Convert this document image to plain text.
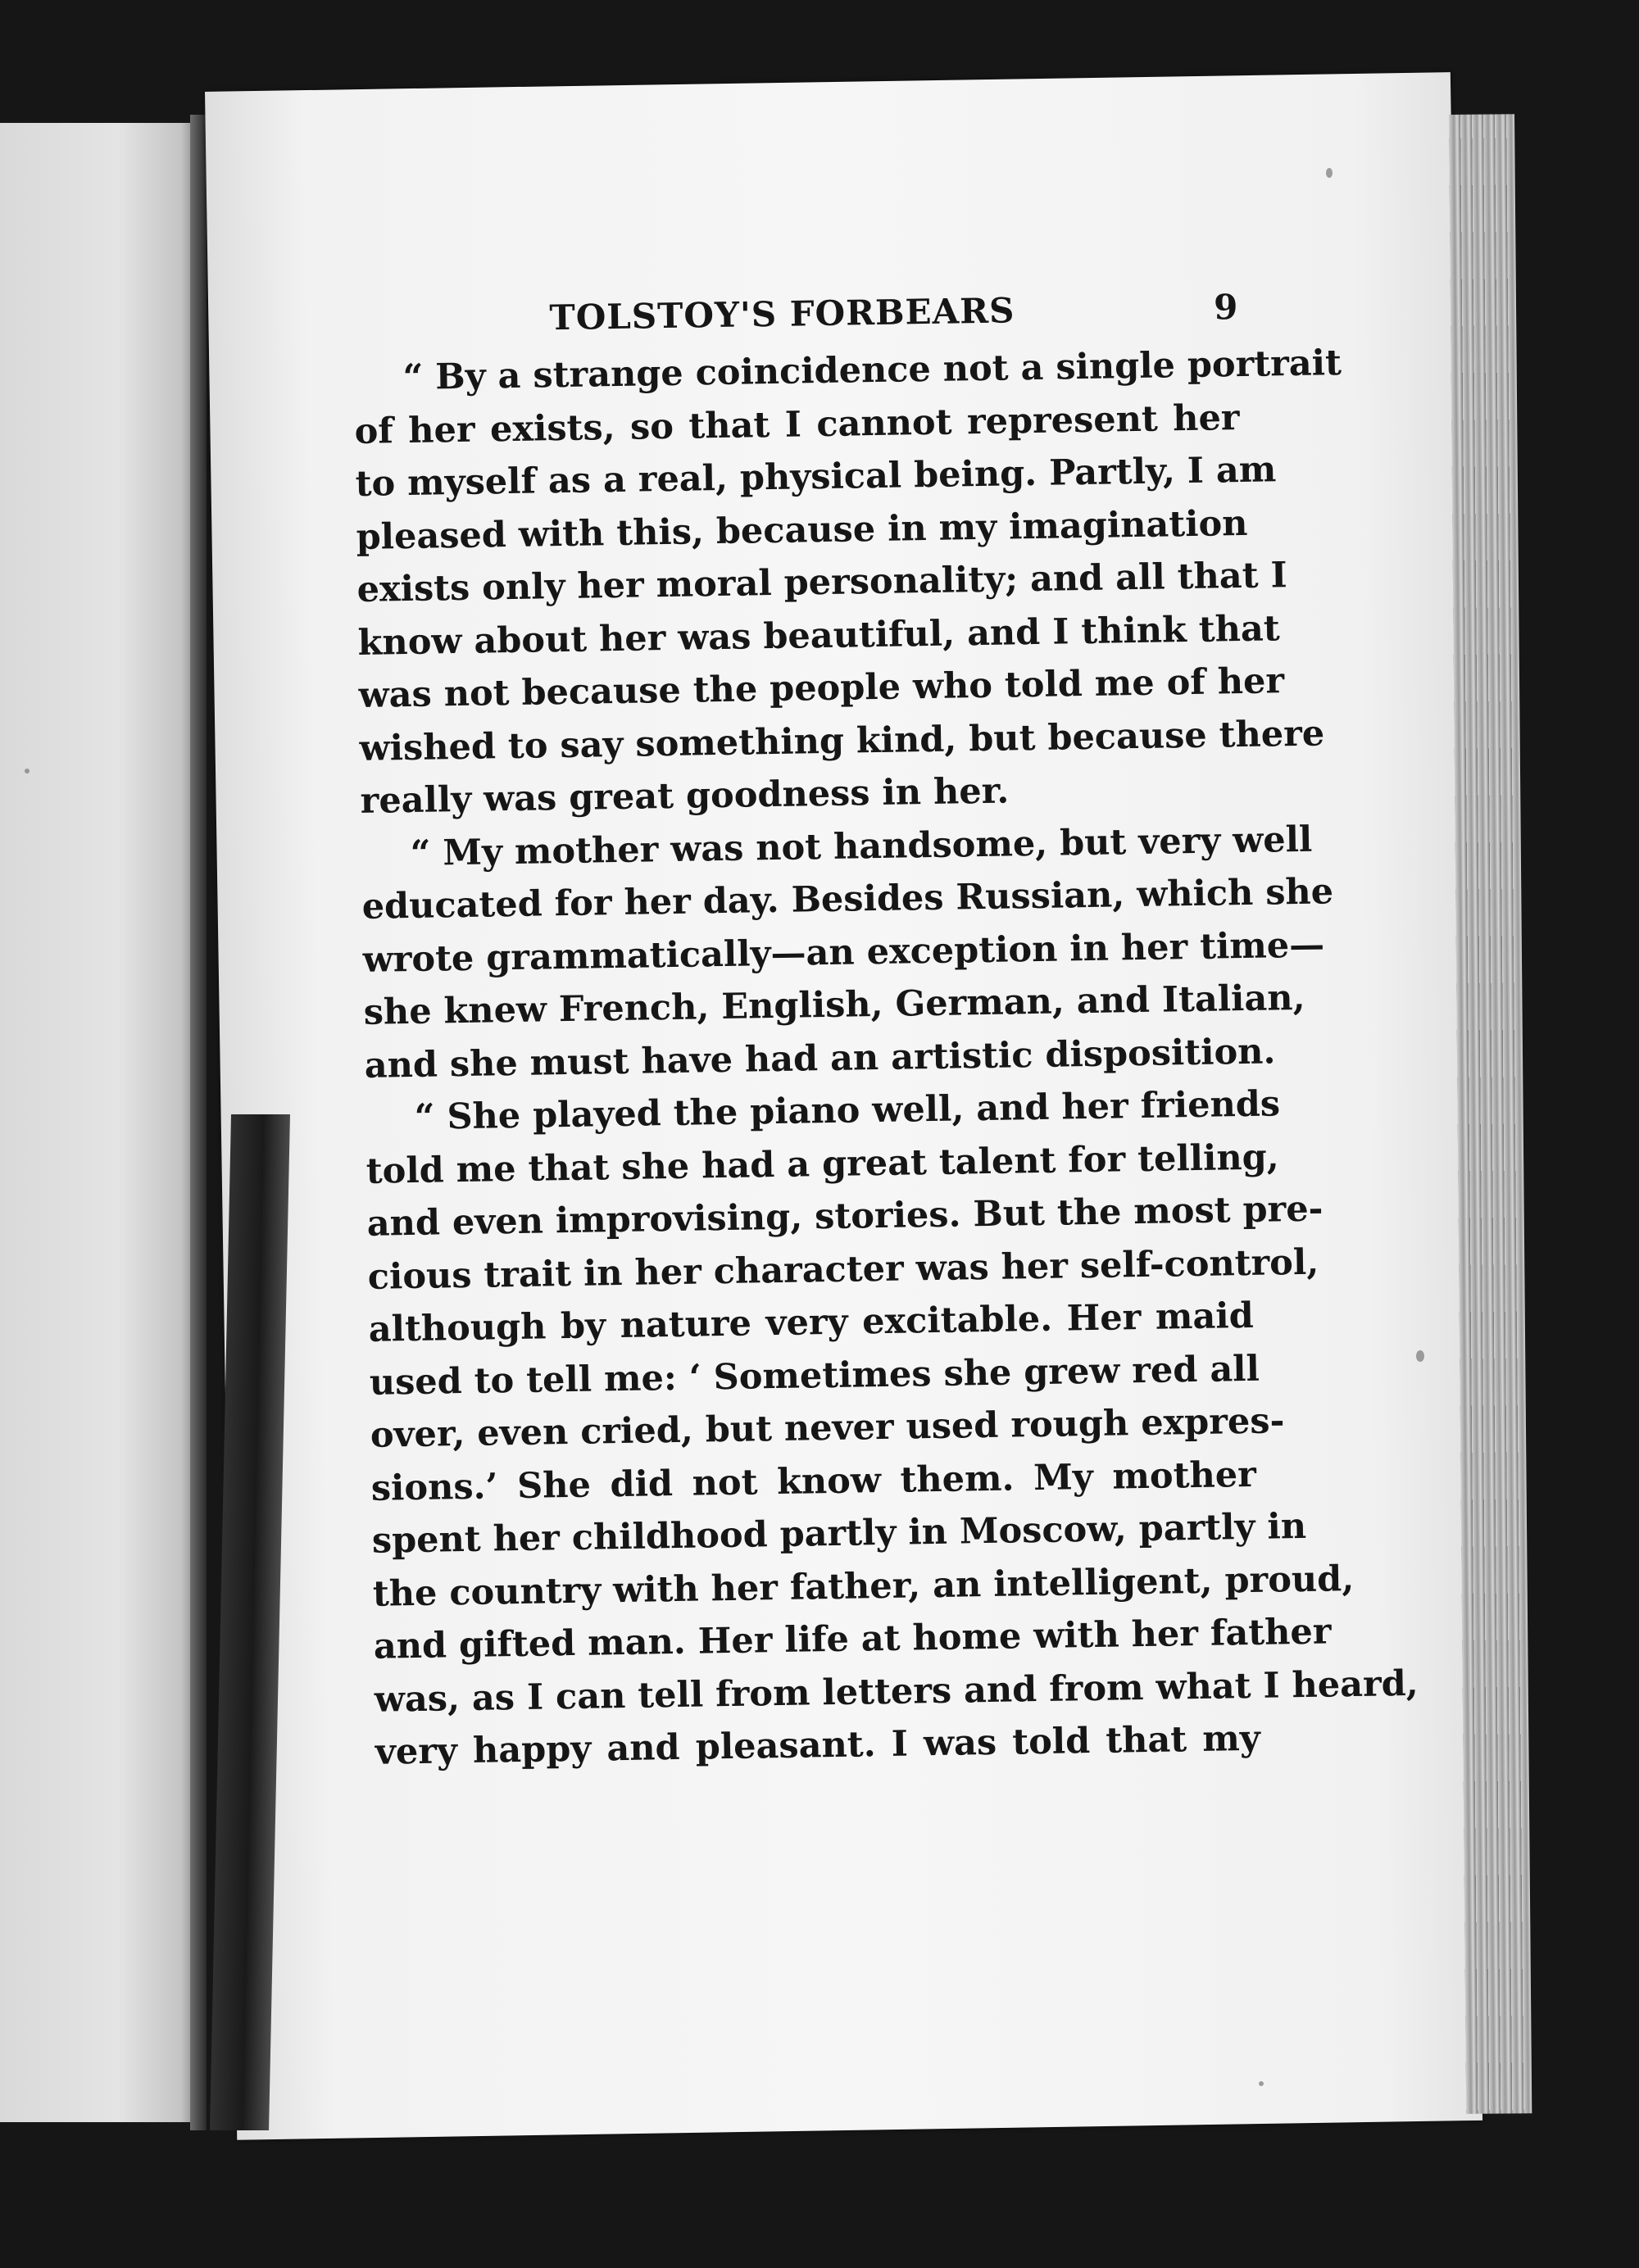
TOLSTOY'S FORBEARS	9
“ By a strange coincidence not a single portrait
of her exists, so that I cannot represent her
to myself as a real, physical being. Partly, I am
pleased with this, because in my imagination
exists only her moral personality; and all that I
know about her was beautiful, and I think that
was not because the people who told me of her
wished to say something kind, but because there
really was great goodness in her.
“ My mother was not handsome, but very well
educated for her day. Besides Russian, which she
wrote grammatically—an exception in her time—
she knew French, English, German, and Italian,
and she must have had an artistic disposition.
“ She played the piano well, and her friends
told me that she had a great talent for telling,
and even improvising, stories. But the most pre-
cious trait in her character was her self-control,
although by nature very excitable. Her maid
used to tell me: ‘ Sometimes she grew red all
over, even cried, but never used rough expres-
sions.’ She did not know them. My mother
spent her childhood partly in Moscow, partly in
the country with her father, an intelligent, proud,
and gifted man. Her life at home with her father
was, as I can tell from letters and from what I heard,
very happy and pleasant. I was told that my
